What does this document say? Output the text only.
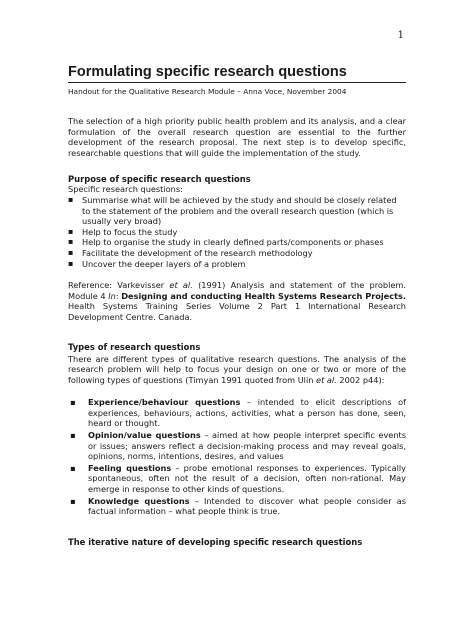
1
Formulating specific research questions
Handout for the Qualitative Research Module – Anna Voce, November 2004

The selection of a high priority public health problem and its analysis, and a clear formulation of the overall research question are essential to the further development of the research proposal. The next step is to develop specific, researchable questions that will guide the implementation of the study.

Purpose of specific research questions

Specific research questions:

▪ Summarise what will be achieved by the study and should be closely related to the statement of the problem and the overall research question (which is usually very broad)
▪ Help to focus the study
▪ Help to organise the study in clearly defined parts/components or phases
▪ Facilitate the development of the research methodology
▪ Uncover the deeper layers of a problem

Reference: Varkevisser et al. (1991) Analysis and statement of the problem. Module 4 In: Designing and conducting Health Systems Research Projects. Health Systems Training Series Volume 2 Part 1 International Research Development Centre. Canada.

Types of research questions

There are different types of qualitative research questions. The analysis of the research problem will help to focus your design on one or two or more of the following types of questions (Timyan 1991 quoted from Ulin et al. 2002 p44):

▪ Experience/behaviour questions – intended to elicit descriptions of experiences, behaviours, actions, activities, what a person has done, seen, heard or thought.
▪ Opinion/value questions – aimed at how people interpret specific events or issues; answers reflect a decision-making process and may reveal goals, opinions, norms, intentions, desires, and values
▪ Feeling questions – probe emotional responses to experiences. Typically spontaneous, often not the result of a decision, often non-rational. May emerge in response to other kinds of questions.
▪ Knowledge questions – Intended to discover what people consider as factual information – what people think is true.
The iterative nature of developing specific research questions
